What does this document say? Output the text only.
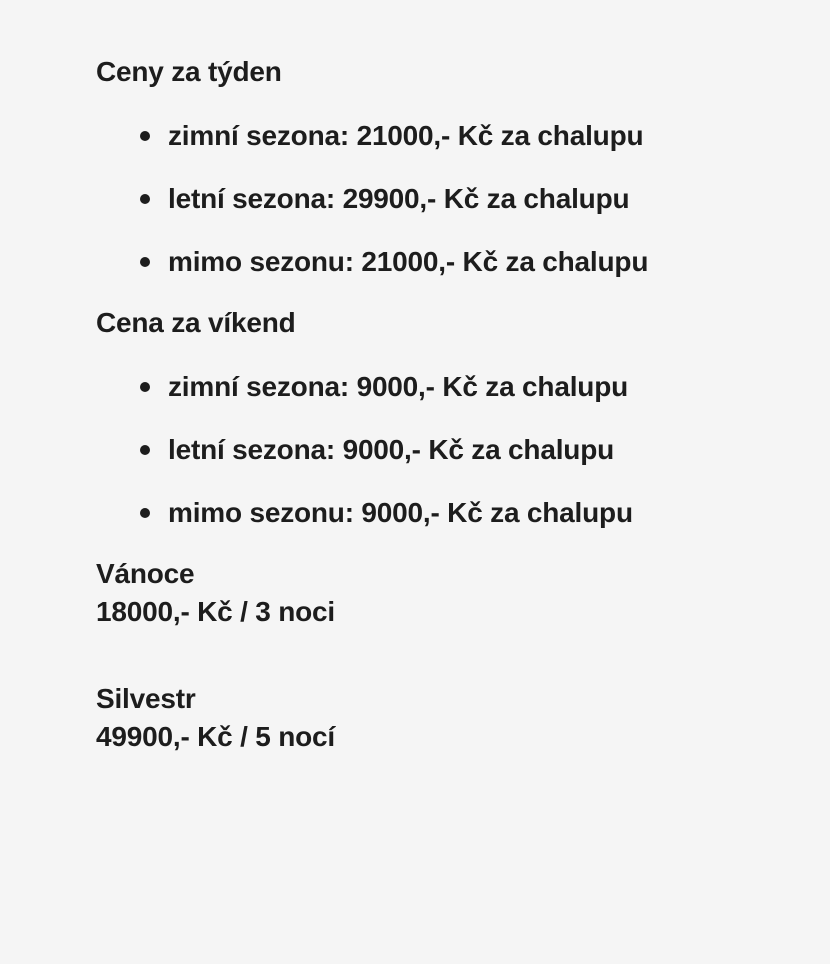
Ceny za týden
zimní sezona: 21000,- Kč za chalupu
letní sezona: 29900,- Kč za chalupu
mimo sezonu: 21000,- Kč za chalupu
Cena za víkend
zimní sezona: 9000,- Kč za chalupu
letní sezona: 9000,- Kč za chalupu
mimo sezonu: 9000,- Kč za chalupu
Vánoce

18000,- Kč / 3 noci

Silvestr

49900,- Kč / 5 nocí
